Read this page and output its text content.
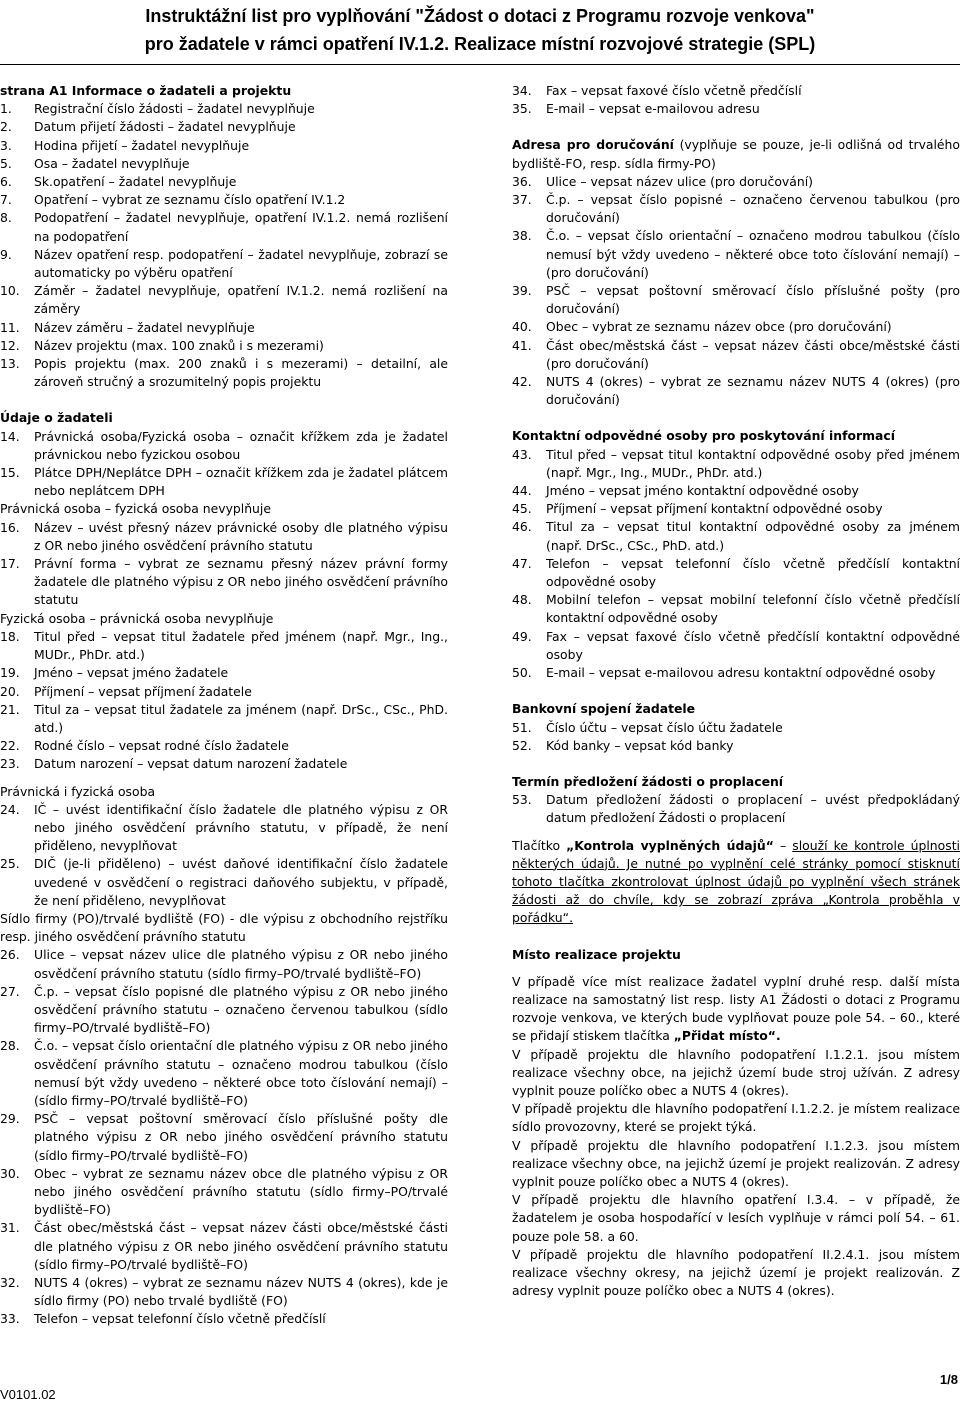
Instruktážní list pro vyplňování "Žádost o dotaci z Programu rozvoje venkova"
pro žadatele v rámci opatření IV.1.2. Realizace místní rozvojové strategie (SPL)
strana A1 Informace o žadateli a projektu
1.	Registrační číslo žádosti – žadatel nevyplňuje
2.	Datum přijetí žádosti – žadatel nevyplňuje
3.	Hodina přijetí – žadatel nevyplňuje
5.	Osa – žadatel nevyplňuje
6.	Sk.opatření – žadatel nevyplňuje
7.	Opatření – vybrat ze seznamu číslo opatření IV.1.2
8.	Podopatření – žadatel nevyplňuje, opatření IV.1.2. nemá rozlišení na podopatření
9.	Název opatření resp. podopatření – žadatel nevyplňuje, zobrazí se automaticky po výběru opatření
10.	Záměr – žadatel nevyplňuje, opatření IV.1.2. nemá rozlišení na záměry
11.	Název záměru – žadatel nevyplňuje
12.	Název projektu (max. 100 znaků i s mezerami)
13.	Popis projektu (max. 200 znaků i s mezerami) – detailní, ale zároveň stručný a srozumitelný popis projektu
Údaje o žadateli
14.	Právnická osoba/Fyzická osoba – označit křížkem zda je žadatel právnickou nebo fyzickou osobou
15.	Plátce DPH/Neplátce DPH – označit křížkem zda je žadatel plátcem nebo neplátcem DPH
Právnická osoba – fyzická osoba nevyplňuje
16.	Název – uvést přesný název právnické osoby dle platného výpisu z OR nebo jiného osvědčení právního statutu
17.	Právní forma – vybrat ze seznamu přesný název právní formy žadatele dle platného výpisu z OR nebo jiného osvědčení právního statutu
Fyzická osoba – právnická osoba nevyplňuje
18.	Titul před – vepsat titul žadatele před jménem (např. Mgr., Ing., MUDr., PhDr. atd.)
19.	Jméno – vepsat jméno žadatele
20.	Příjmení – vepsat příjmení žadatele
21.	Titul za – vepsat titul žadatele za jménem (např. DrSc., CSc., PhD. atd.)
22.	Rodné číslo – vepsat rodné číslo žadatele
23.	Datum narození – vepsat datum narození žadatele
Právnická i fyzická osoba
24.	IČ – uvést identifikační číslo žadatele dle platného výpisu z OR nebo jiného osvědčení právního statutu, v případě, že není přiděleno, nevyplňovat
25.	DIČ (je-li přiděleno) – uvést daňové identifikační číslo žadatele uvedené v osvědčení o registraci daňového subjektu, v případě, že není přiděleno, nevyplňovat
Sídlo firmy (PO)/trvalé bydliště (FO) - dle výpisu z obchodního rejstříku resp. jiného osvědčení právního statutu
26.	Ulice – vepsat název ulice dle platného výpisu z OR nebo jiného osvědčení právního statutu (sídlo firmy–PO/trvalé bydliště–FO)
27.	Č.p. – vepsat číslo popisné dle platného výpisu z OR nebo jiného osvědčení právního statutu – označeno červenou tabulkou (sídlo firmy–PO/trvalé bydliště–FO)
28.	Č.o. – vepsat číslo orientační dle platného výpisu z OR nebo jiného osvědčení právního statutu – označeno modrou tabulkou (číslo nemusí být vždy uvedeno – některé obce toto číslování nemají) – (sídlo firmy–PO/trvalé bydliště–FO)
29.	PSČ – vepsat poštovní směrovací číslo příslušné pošty dle platného výpisu z OR nebo jiného osvědčení právního statutu (sídlo firmy–PO/trvalé bydliště–FO)
30.	Obec – vybrat ze seznamu název obce dle platného výpisu z OR nebo jiného osvědčení právního statutu (sídlo firmy–PO/trvalé bydliště–FO)
31.	Část obec/městská část – vepsat název části obce/městské části dle platného výpisu z OR nebo jiného osvědčení právního statutu (sídlo firmy–PO/trvalé bydliště–FO)
32.	NUTS 4 (okres) – vybrat ze seznamu název NUTS 4 (okres), kde je sídlo firmy (PO) nebo trvalé bydliště (FO)
33.	Telefon – vepsat telefonní číslo včetně předčíslí
34.	Fax – vepsat faxové číslo včetně předčíslí
35.	E-mail – vepsat e-mailovou adresu
Adresa pro doručování (vyplňuje se pouze, je-li odlišná od trvalého bydliště-FO, resp. sídla firmy-PO)
36.	Ulice – vepsat název ulice (pro doručování)
37.	Č.p. – vepsat číslo popisné – označeno červenou tabulkou (pro doručování)
38.	Č.o. – vepsat číslo orientační – označeno modrou tabulkou (číslo nemusí být vždy uvedeno – některé obce toto číslování nemají) – (pro doručování)
39.	PSČ – vepsat poštovní směrovací číslo příslušné pošty (pro doručování)
40.	Obec – vybrat ze seznamu název obce (pro doručování)
41.	Část obec/městská část – vepsat název části obce/městské části (pro doručování)
42.	NUTS 4 (okres) – vybrat ze seznamu název NUTS 4 (okres) (pro doručování)
Kontaktní odpovědné osoby pro poskytování informací
43.	Titul před – vepsat titul kontaktní odpovědné osoby před jménem (např. Mgr., Ing., MUDr., PhDr. atd.)
44.	Jméno – vepsat jméno kontaktní odpovědné osoby
45.	Příjmení – vepsat příjmení kontaktní odpovědné osoby
46.	Titul za – vepsat titul kontaktní odpovědné osoby za jménem (např. DrSc., CSc., PhD. atd.)
47.	Telefon – vepsat telefonní číslo včetně předčíslí kontaktní odpovědné osoby
48.	Mobilní telefon – vepsat mobilní telefonní číslo včetně předčíslí kontaktní odpovědné osoby
49.	Fax – vepsat faxové číslo včetně předčíslí kontaktní odpovědné osoby
50.	E-mail – vepsat e-mailovou adresu kontaktní odpovědné osoby
Bankovní spojení žadatele
51.	Číslo účtu – vepsat číslo účtu žadatele
52.	Kód banky – vepsat kód banky
Termín předložení žádosti o proplacení
53.	Datum předložení žádosti o proplacení – uvést předpokládaný datum předložení Žádosti o proplacení
Tlačítko „Kontrola vyplněných údajů“ – slouží ke kontrole úplnosti některých údajů. Je nutné po vyplnění celé stránky pomocí stisknutí tohoto tlačítka zkontrolovat úplnost údajů po vyplnění všech stránek žádosti až do chvíle, kdy se zobrazí zpráva „Kontrola proběhla v pořádku“.
Místo realizace projektu
V případě více míst realizace žadatel vyplní druhé resp. další místa realizace na samostatný list resp. listy A1 Žádosti o dotaci z Programu rozvoje venkova, ve kterých bude vyplňovat pouze pole 54. – 60., které se přidají stiskem tlačítka „Přidat místo“.
V případě projektu dle hlavního podopatření I.1.2.1. jsou místem realizace všechny obce, na jejichž území bude stroj užíván. Z adresy vyplnit pouze políčko obec a NUTS 4 (okres).
V případě projektu dle hlavního podopatření I.1.2.2. je místem realizace sídlo provozovny, které se projekt týká.
V případě projektu dle hlavního podopatření I.1.2.3. jsou místem realizace všechny obce, na jejichž území je projekt realizován. Z adresy vyplnit pouze políčko obec a NUTS 4 (okres).
V případě projektu dle hlavního opatření I.3.4. – v případě, že žadatelem je osoba hospodařící v lesích vyplňuje v rámci polí 54. – 61. pouze pole 58. a 60.
V případě projektu dle hlavního podopatření II.2.4.1. jsou místem realizace všechny okresy, na jejichž území je projekt realizován. Z adresy vyplnit pouze políčko obec a NUTS 4 (okres).
V0101.02
1/8
